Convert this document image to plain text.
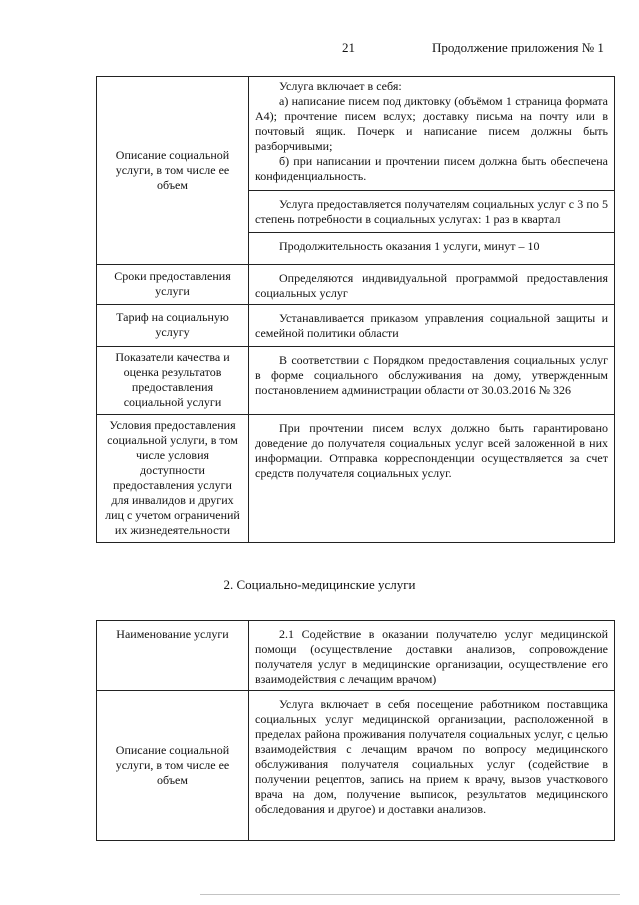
21	Продолжение приложения № 1
Описание социальной услуги, в том числе ее объем	Услуга включает в себя:
а) написание писем под диктовку (объёмом 1 страница формата А4); прочтение писем вслух; доставку письма на почту или в почтовый ящик. Почерк и написание писем должны быть разборчивыми;
б) при написании и прочтении писем должна быть обеспечена конфиденциальность.

	Услуга предоставляется получателям социальных услуг с 3 по 5 степень потребности в социальных услугах: 1 раз в квартал

	Продолжительность оказания 1 услуги, минут – 10

Сроки предоставления услуги	Определяются индивидуальной программой предоставления социальных услуг

Тариф на социальную услугу	Устанавливается приказом управления социальной защиты и семейной политики области

Показатели качества и оценка результатов предоставления социальной услуги	В соответствии с Порядком предоставления социальных услуг в форме социального обслуживания на дому, утвержденным постановлением администрации области от 30.03.2016 № 326

Условия предоставления социальной услуги, в том числе условия доступности предоставления услуги для инвалидов и других лиц с учетом ограничений их жизнедеятельности	При прочтении писем вслух должно быть гарантировано доведение до получателя социальных услуг всей заложенной в них информации. Отправка корреспонденции осуществляется за счет средств получателя социальных услуг.
2. Социально-медицинские услуги
Наименование услуги	2.1 Содействие в оказании получателю услуг медицинской помощи (осуществление доставки анализов, сопровождение получателя услуг в медицинские организации, осуществление его взаимодействия с лечащим врачом)

Описание социальной услуги, в том числе ее объем	Услуга включает в себя посещение работником поставщика социальных услуг медицинской организации, расположенной в пределах района проживания получателя социальных услуг, с целью взаимодействия с лечащим врачом по вопросу медицинского обслуживания получателя социальных услуг (содействие в получении рецептов, запись на прием к врачу, вызов участкового врача на дом, получение выписок, результатов медицинского обследования и другое) и доставки анализов.
